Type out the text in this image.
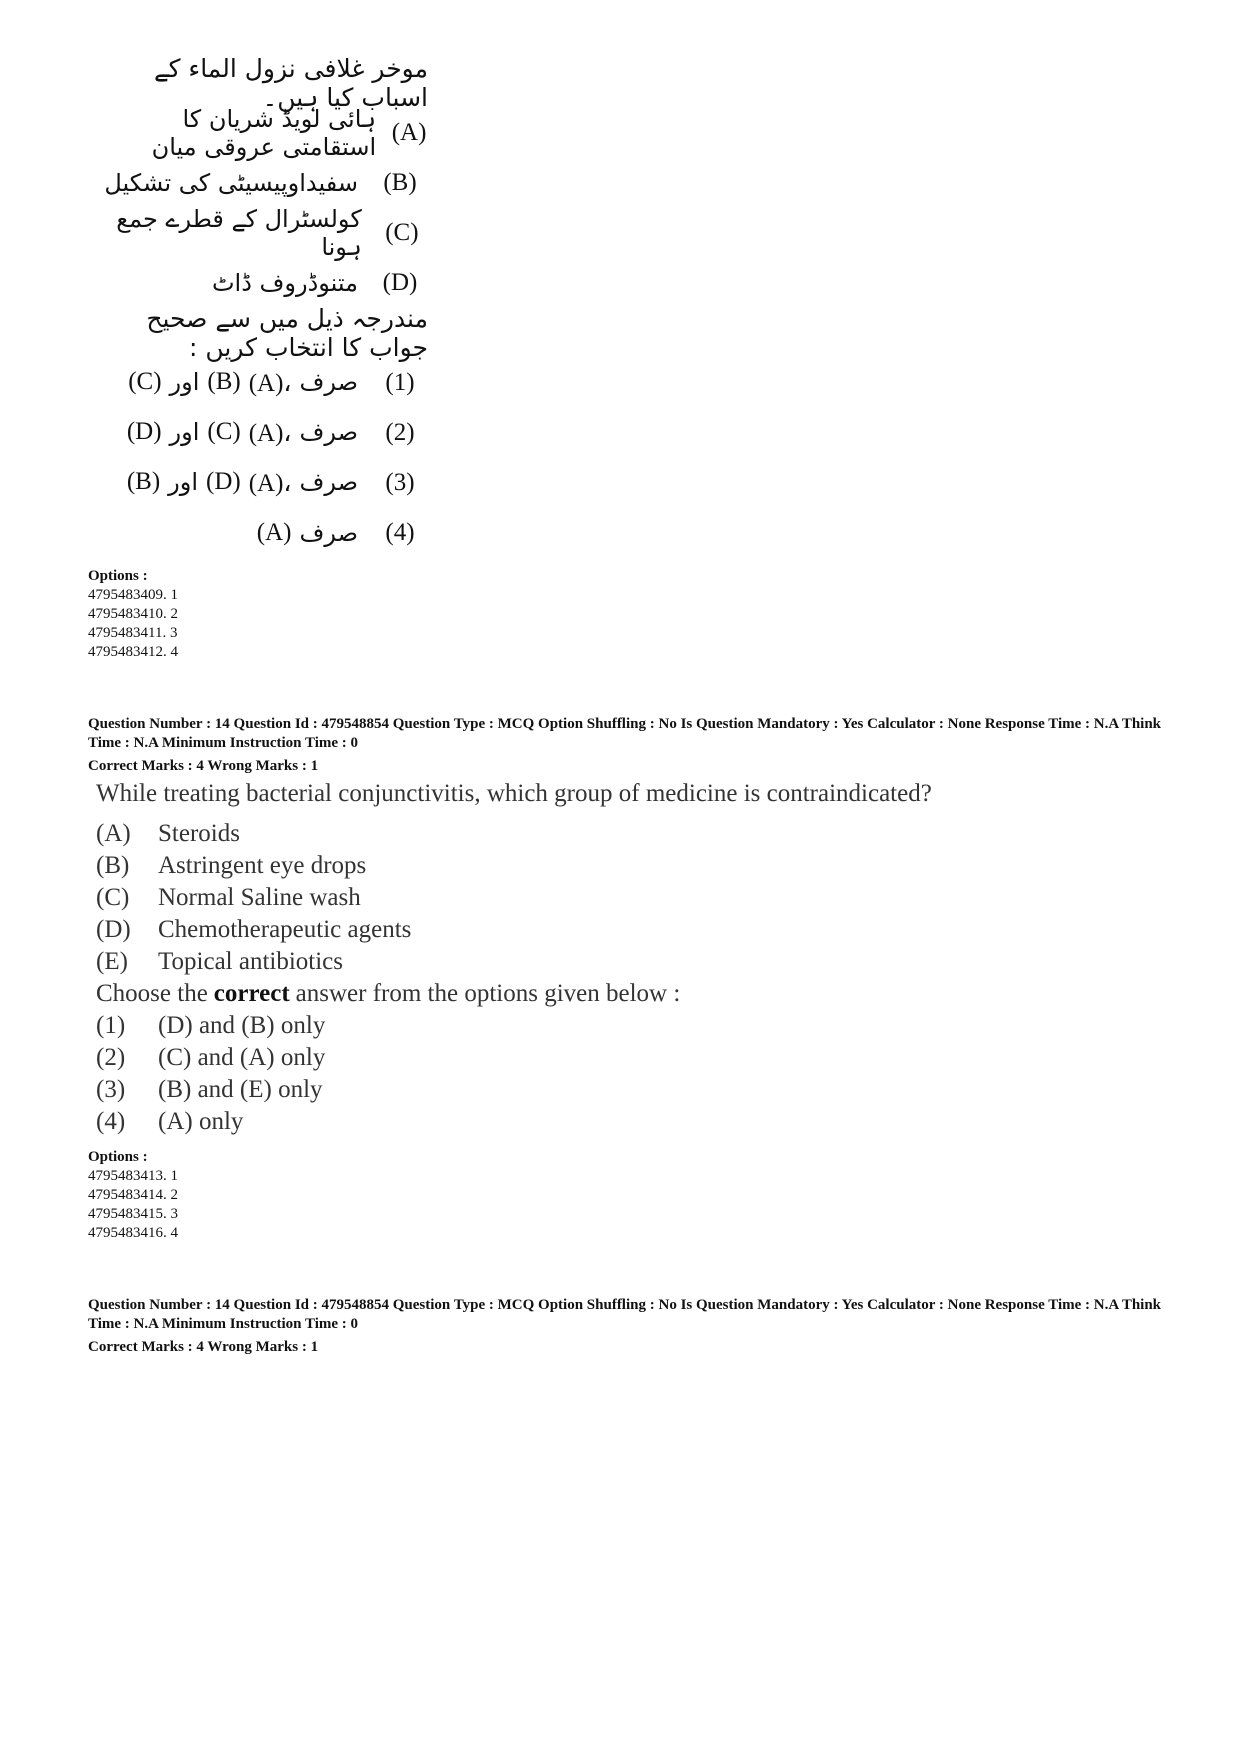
موخر غلافی نزول الماء کے اسباب کیا ہیں۔
(A)
ہائی لویڈ شریان کا استقامتی عروقی میان
(B)
سفیداوپیسیٹی کی تشکیل
(C)
کولسٹرال کے قطرے جمع ہونا
(D)
متنوڈروف ڈاٹ
مندرجہ ذیل میں سے صحیح جواب کا انتخاب کریں :
(1)
صرف
(A)،
(B)
اور
(C)
(2)
صرف
(A)،
(C)
اور
(D)
(3)
صرف
(A)،
(D)
اور
(B)
(4)
صرف
(A)
Options :
4795483409. 1
4795483410. 2
4795483411. 3
4795483412. 4

Question Number : 14 Question Id : 479548854 Question Type : MCQ Option Shuffling : No Is Question Mandatory : Yes Calculator : None Response Time : N.A Think Time : N.A Minimum Instruction Time : 0

Correct Marks : 4 Wrong Marks : 1

While treating bacterial conjunctivitis, which group of medicine is contraindicated?
(A)	Steroids
(B)	Astringent eye drops
(C)	Normal Saline wash
(D)	Chemotherapeutic agents
(E)	Topical antibiotics
Choose the correct answer from the options given below :
(1)	(D) and (B) only
(2)	(C) and (A) only
(3)	(B) and (E) only
(4)	(A) only
Options :
4795483413. 1
4795483414. 2
4795483415. 3
4795483416. 4

Question Number : 14 Question Id : 479548854 Question Type : MCQ Option Shuffling : No Is Question Mandatory : Yes Calculator : None Response Time : N.A Think Time : N.A Minimum Instruction Time : 0

Correct Marks : 4 Wrong Marks : 1
